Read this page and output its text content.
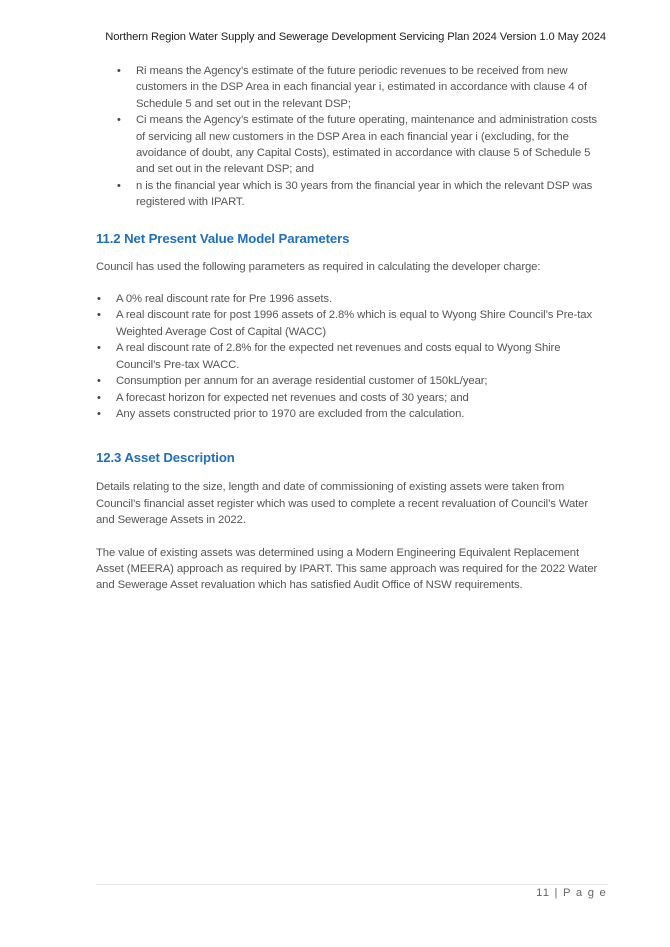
Northern Region Water Supply and Sewerage Development Servicing Plan 2024 Version 1.0 May 2024
• Ri means the Agency’s estimate of the future periodic revenues to be received from new customers in the DSP Area in each financial year i, estimated in accordance with clause 4 of Schedule 5 and set out in the relevant DSP;
• Ci means the Agency’s estimate of the future operating, maintenance and administration costs of servicing all new customers in the DSP Area in each financial year i (excluding, for the avoidance of doubt, any Capital Costs), estimated in accordance with clause 5 of Schedule 5 and set out in the relevant DSP; and
• n is the financial year which is 30 years from the financial year in which the relevant DSP was registered with IPART.
11.2 Net Present Value Model Parameters

Council has used the following parameters as required in calculating the developer charge:

• A 0% real discount rate for Pre 1996 assets.
• A real discount rate for post 1996 assets of 2.8% which is equal to Wyong Shire Council’s Pre-tax Weighted Average Cost of Capital (WACC)
• A real discount rate of 2.8% for the expected net revenues and costs equal to Wyong Shire Council’s Pre-tax WACC.
• Consumption per annum for an average residential customer of 150kL/year;
• A forecast horizon for expected net revenues and costs of 30 years; and
• Any assets constructed prior to 1970 are excluded from the calculation.
12.3 Asset Description

Details relating to the size, length and date of commissioning of existing assets were taken from Council’s financial asset register which was used to complete a recent revaluation of Council’s Water and Sewerage Assets in 2022.

The value of existing assets was determined using a Modern Engineering Equivalent Replacement Asset (MEERA) approach as required by IPART. This same approach was required for the 2022 Water and Sewerage Asset revaluation which has satisfied Audit Office of NSW requirements.

11 | P a g e
